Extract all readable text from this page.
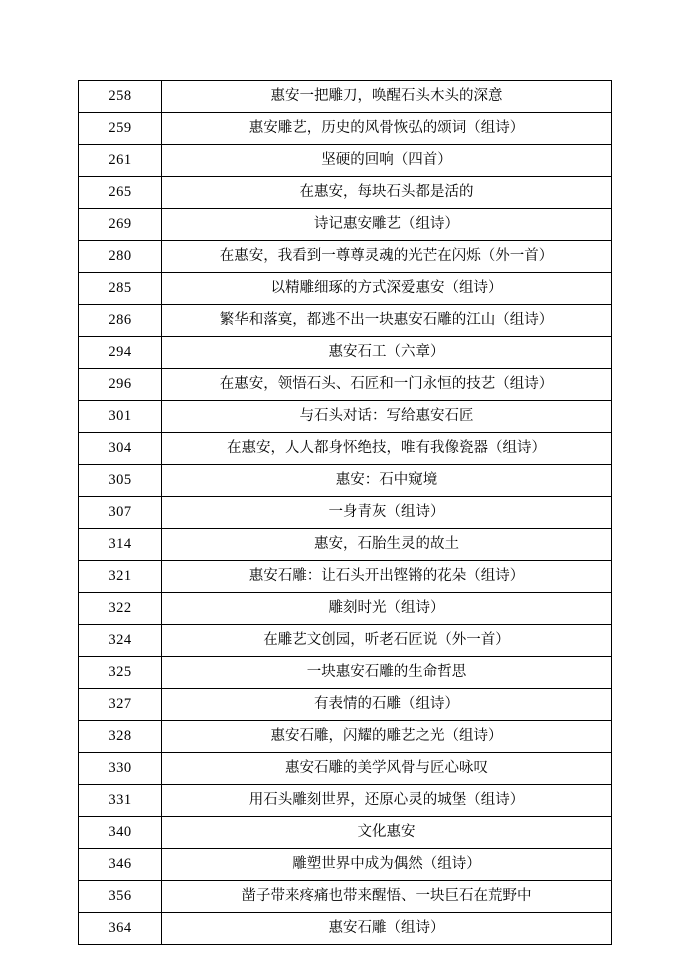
258	惠安一把雕刀，唤醒石头木头的深意
259	惠安雕艺，历史的风骨恢弘的颂词（组诗）
261	坚硬的回响（四首）
265	在惠安，每块石头都是活的
269	诗记惠安雕艺（组诗）
280	在惠安，我看到一尊尊灵魂的光芒在闪烁（外一首）
285	以精雕细琢的方式深爱惠安（组诗）
286	繁华和落寞，都逃不出一块惠安石雕的江山（组诗）
294	惠安石工（六章）
296	在惠安，领悟石头、石匠和一门永恒的技艺（组诗）
301	与石头对话：写给惠安石匠
304	在惠安，人人都身怀绝技，唯有我像瓷器（组诗）
305	惠安：石中窥境
307	一身青灰（组诗）
314	惠安，石胎生灵的故土
321	惠安石雕：让石头开出铿锵的花朵（组诗）
322	雕刻时光（组诗）
324	在雕艺文创园，听老石匠说（外一首）
325	一块惠安石雕的生命哲思
327	有表情的石雕（组诗）
328	惠安石雕，闪耀的雕艺之光（组诗）
330	惠安石雕的美学风骨与匠心咏叹
331	用石头雕刻世界，还原心灵的城堡（组诗）
340	文化惠安
346	雕塑世界中成为偶然（组诗）
356	凿子带来疼痛也带来醒悟、一块巨石在荒野中
364	惠安石雕（组诗）
